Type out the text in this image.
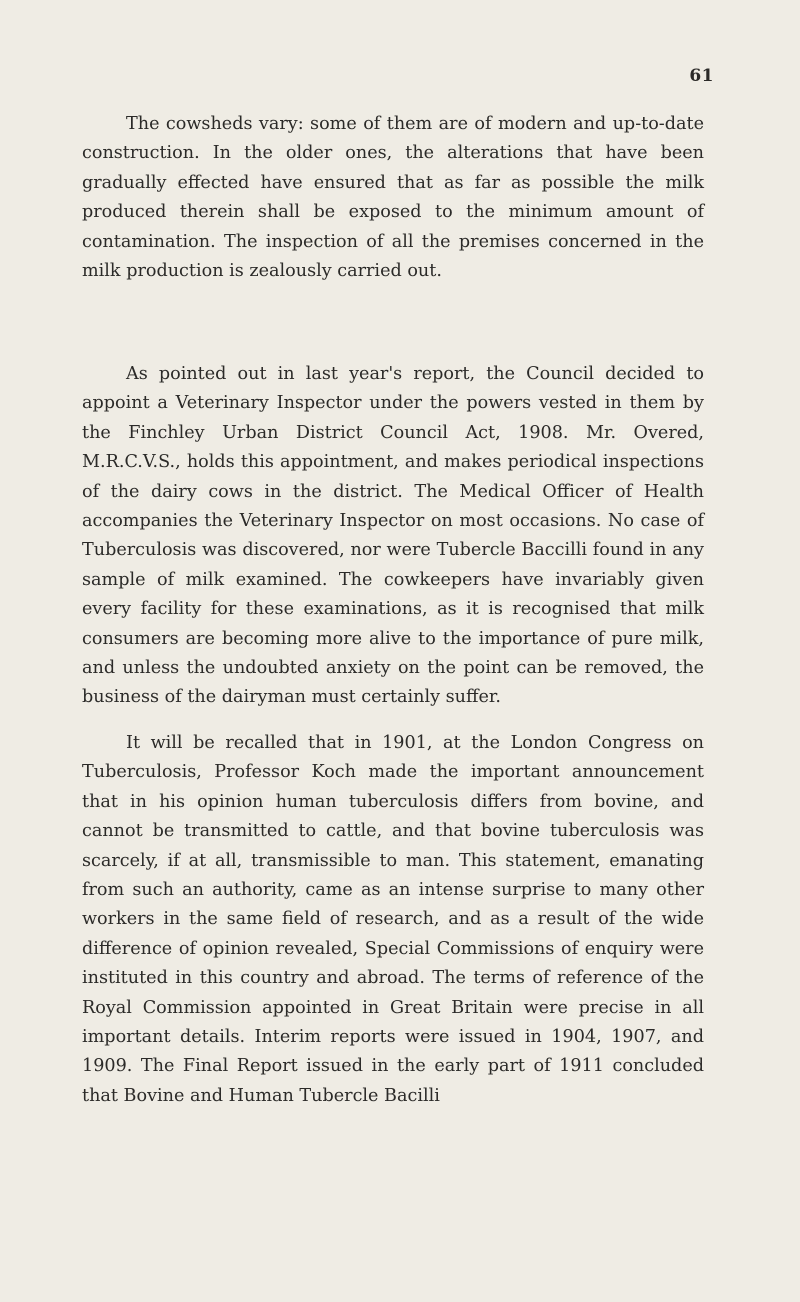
61

The cowsheds vary: some of them are of modern and up-to-date construction. In the older ones, the alterations that have been gradually effected have ensured that as far as possible the milk produced therein shall be exposed to the minimum amount of contamination. The inspection of all the premises concerned in the milk production is zealously carried out.

As pointed out in last year's report, the Council decided to appoint a Veterinary Inspector under the powers vested in them by the Finchley Urban District Council Act, 1908. Mr. Overed, M.R.C.V.S., holds this appointment, and makes periodical inspections of the dairy cows in the district. The Medical Officer of Health accompanies the Veterinary Inspector on most occasions. No case of Tuberculosis was discovered, nor were Tubercle Baccilli found in any sample of milk examined. The cowkeepers have invariably given every facility for these examinations, as it is recognised that milk consumers are becoming more alive to the importance of pure milk, and unless the undoubted anxiety on the point can be removed, the business of the dairyman must certainly suffer.

It will be recalled that in 1901, at the London Congress on Tuberculosis, Professor Koch made the important announcement that in his opinion human tuberculosis differs from bovine, and cannot be transmitted to cattle, and that bovine tuberculosis was scarcely, if at all, transmissible to man. This statement, emanating from such an authority, came as an intense surprise to many other workers in the same field of research, and as a result of the wide difference of opinion revealed, Special Commissions of enquiry were instituted in this country and abroad. The terms of reference of the Royal Commission appointed in Great Britain were precise in all important details. Interim reports were issued in 1904, 1907, and 1909. The Final Report issued in the early part of 1911 concluded that Bovine and Human Tubercle Bacilli
